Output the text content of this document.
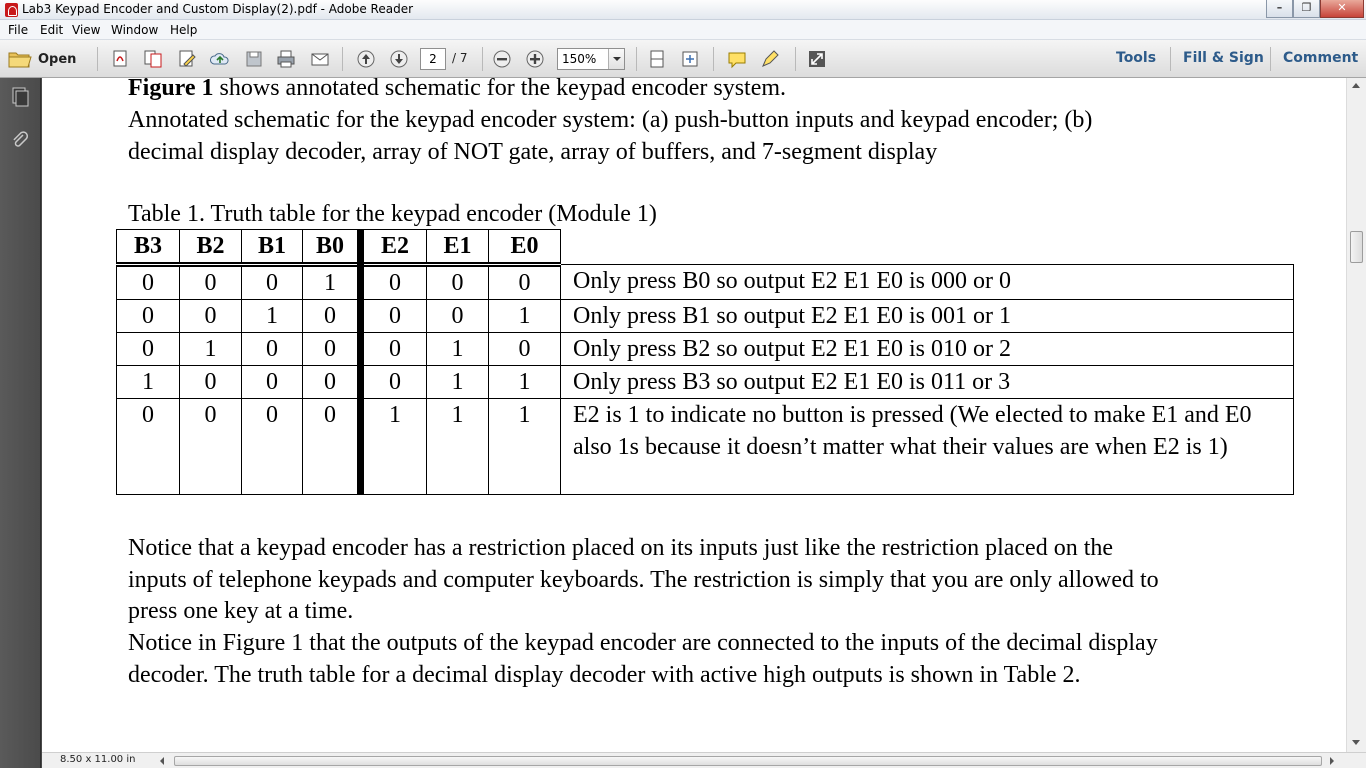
Lab3 Keypad Encoder and Custom Display(2).pdf - Adobe Reader	–	❐	✕
File Edit View Window Help
Open	2	/ 7	150%	Tools Fill & Sign Comment
Figure 1 shows annotated schematic for the keypad encoder system.
Annotated schematic for the keypad encoder system: (a) push-button inputs and keypad encoder; (b)
decimal display decoder, array of NOT gate, array of buffers, and 7-segment display
Table 1. Truth table for the keypad encoder (Module 1)
B3	B2	B1	B0	E2	E1	E0	
0	0	0	1	0	0	0	Only press B0 so output E2 E1 E0 is 000 or 0
0	0	1	0	0	0	1	Only press B1 so output E2 E1 E0 is 001 or 1
0	1	0	0	0	1	0	Only press B2 so output E2 E1 E0 is 010 or 2
1	0	0	0	0	1	1	Only press B3 so output E2 E1 E0 is 011 or 3
0	0	0	0	1	1	1	E2 is 1 to indicate no button is pressed (We elected to make E1 and E0 also 1s because it doesn’t matter what their values are when E2 is 1)
Notice that a keypad encoder has a restriction placed on its inputs just like the restriction placed on the
inputs of telephone keypads and computer keyboards. The restriction is simply that you are only allowed to
press one key at a time.
Notice in Figure 1 that the outputs of the keypad encoder are connected to the inputs of the decimal display
decoder. The truth table for a decimal display decoder with active high outputs is shown in Table 2.
8.50 x 11.00 in
